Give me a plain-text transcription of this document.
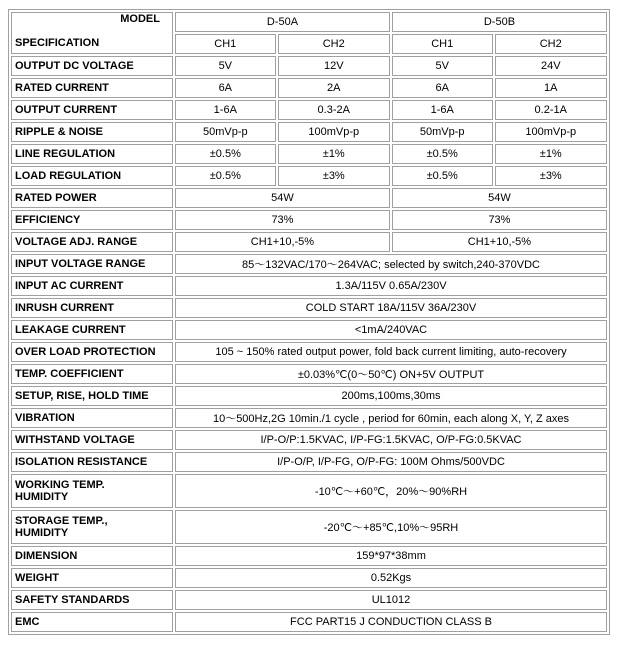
MODEL
SPECIFICATION	D-50A		D-50B	
	CH1	CH2	CH1	CH2
OUTPUT DC VOLTAGE	5V	12V	5V	24V
RATED CURRENT	6A	2A	6A	1A
OUTPUT CURRENT	1-6A	0.3-2A	1-6A	0.2-1A
RIPPLE & NOISE	50mVp-p	100mVp-p	50mVp-p	100mVp-p
LINE REGULATION	±0.5%	±1%	±0.5%	±1%
LOAD REGULATION	±0.5%	±3%	±0.5%	±3%
RATED POWER	54W		54W	
EFFICIENCY	73%		73%	
VOLTAGE ADJ. RANGE	CH1+10,-5%		CH1+10,-5%	
INPUT VOLTAGE RANGE	85～132VAC/170～264VAC; selected by switch,240-370VDC			
INPUT AC CURRENT	1.3A/115V 0.65A/230V			
INRUSH CURRENT	COLD START 18A/115V 36A/230V			
LEAKAGE CURRENT	<1mA/240VAC			
OVER LOAD PROTECTION	105 ~ 150% rated output power, fold back current limiting, auto-recovery			
TEMP. COEFFICIENT	±0.03%℃(0～50℃) ON+5V OUTPUT			
SETUP, RISE, HOLD TIME	200ms,100ms,30ms			
VIBRATION	10～500Hz,2G 10min./1 cycle , period for 60min, each along X, Y, Z axes			
WITHSTAND VOLTAGE	I/P-O/P:1.5KVAC, I/P-FG:1.5KVAC, O/P-FG:0.5KVAC			
ISOLATION RESISTANCE	I/P-O/P, I/P-FG, O/P-FG: 100M Ohms/500VDC			

WORKING TEMP.
HUMIDITY	-10℃～+60℃，20%～90%RH			

STORAGE TEMP.,
HUMIDITY	-20℃～+85℃,10%～95RH			
DIMENSION	159*97*38mm			
WEIGHT	0.52Kgs			
SAFETY STANDARDS	UL1012			
EMC	FCC PART15 J CONDUCTION CLASS B			
